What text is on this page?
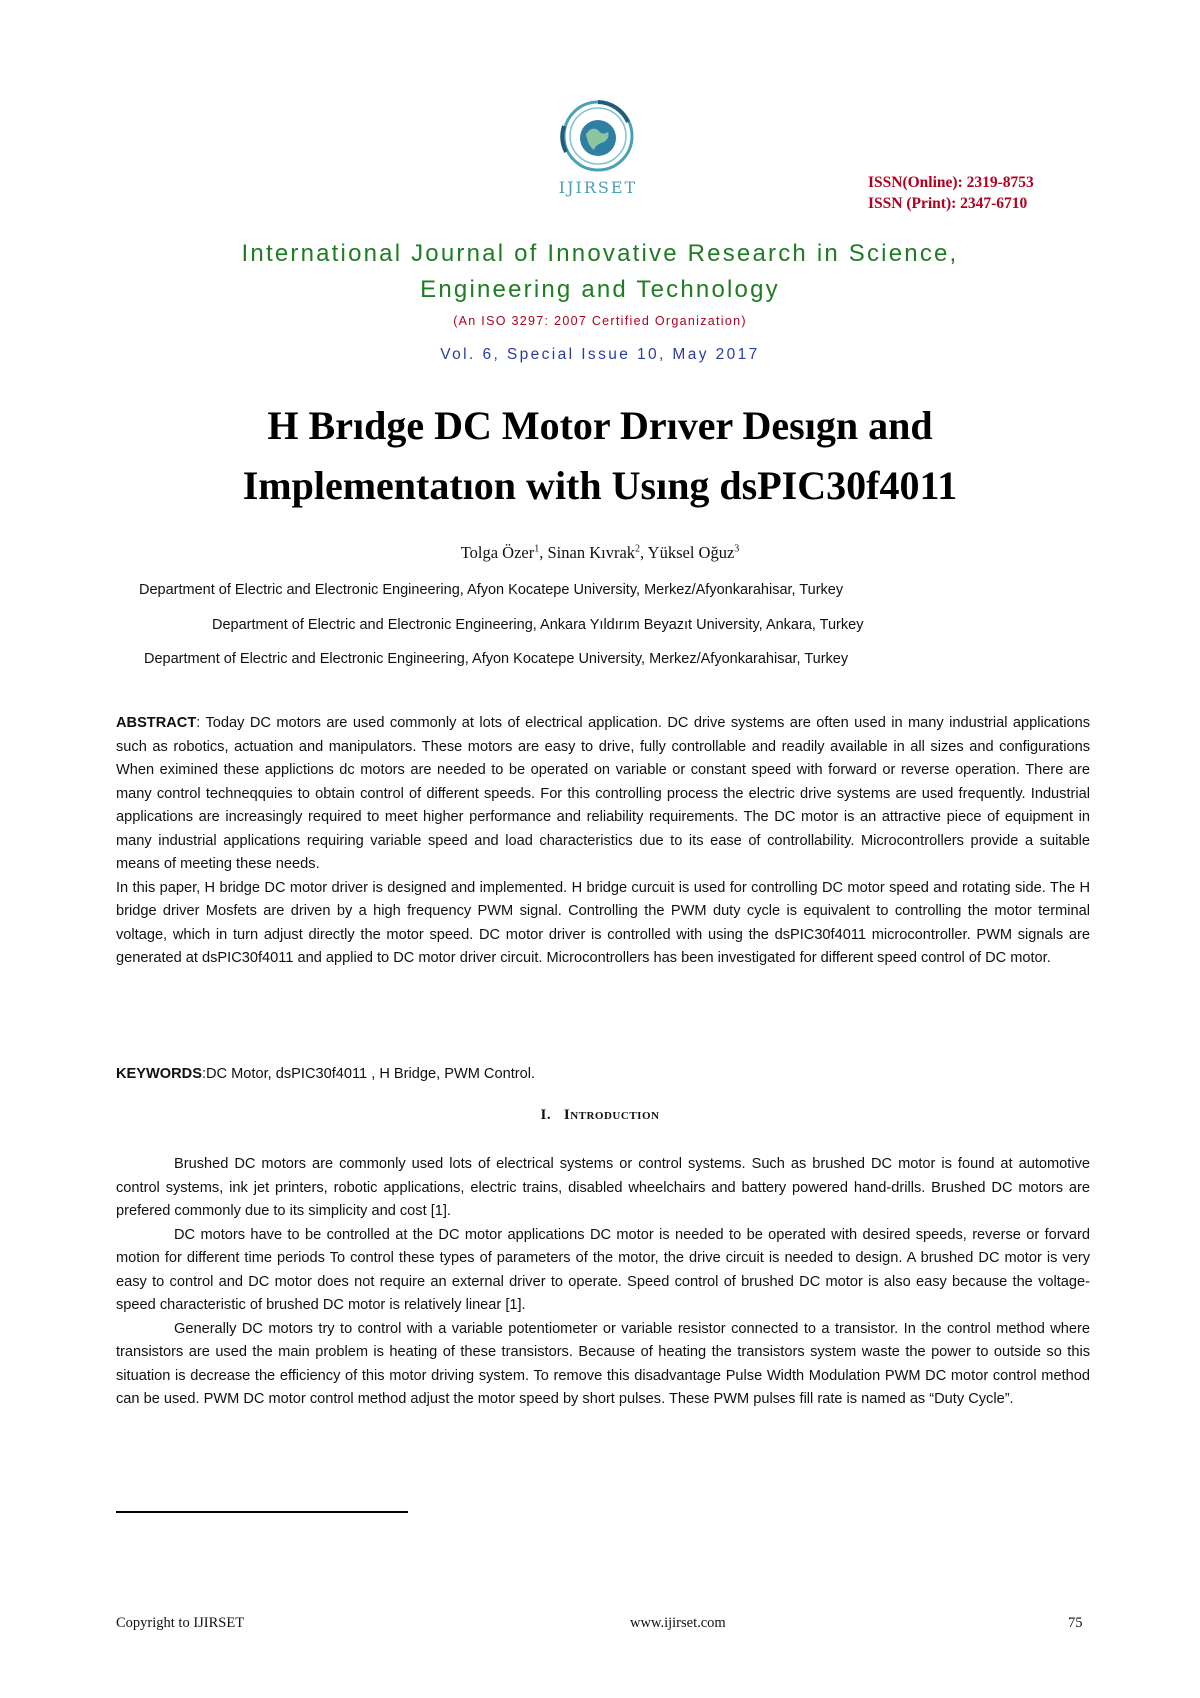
IJIRSET	ISSN(Online): 2319-8753
ISSN (Print): 2347-6710
International Journal of Innovative Research in Science,
Engineering and Technology
(An ISO 3297: 2007 Certified Organization)
Vol. 6, Special Issue 10, May 2017
H Brıdge DC Motor Drıver Desıgn and
Implementatıon with Usıng dsPIC30f4011
Tolga Özer$^1$, Sinan Kıvrak$^2$, Yüksel Oğuz$^3$
Department of Electric and Electronic Engineering, Afyon Kocatepe University, Merkez/Afyonkarahisar, Turkey
Department of Electric and Electronic Engineering, Ankara Yıldırım Beyazıt University, Ankara, Turkey
Department of Electric and Electronic Engineering, Afyon Kocatepe University, Merkez/Afyonkarahisar, Turkey

ABSTRACT: Today DC motors are used commonly at lots of electrical application. DC drive systems are often used in many industrial applications such as robotics, actuation and manipulators. These motors are easy to drive, fully controllable and readily available in all sizes and configurations When eximined these applictions dc motors are needed to be operated on variable or constant speed with forward or reverse operation. There are many control techneqquies to obtain control of different speeds. For this controlling process the electric drive systems are used frequently. Industrial applications are increasingly required to meet higher performance and reliability requirements. The DC motor is an attractive piece of equipment in many industrial applications requiring variable speed and load characteristics due to its ease of controllability. Microcontrollers provide a suitable means of meeting these needs.

In this paper, H bridge DC motor driver is designed and implemented. H bridge curcuit is used for controlling DC motor speed and rotating side. The H bridge driver Mosfets are driven by a high frequency PWM signal. Controlling the PWM duty cycle is equivalent to controlling the motor terminal voltage, which in turn adjust directly the motor speed. DC motor driver is controlled with using the dsPIC30f4011 microcontroller. PWM signals are generated at dsPIC30f4011 and applied to DC motor driver circuit. Microcontrollers has been investigated for different speed control of DC motor.

KEYWORDS:DC Motor, dsPIC30f4011 , H Bridge, PWM Control.
I. Introduction

Brushed DC motors are commonly used lots of electrical systems or control systems. Such as brushed DC motor is found at automotive control systems, ink jet printers, robotic applications, electric trains, disabled wheelchairs and battery powered hand-drills. Brushed DC motors are prefered commonly due to its simplicity and cost [1].

DC motors have to be controlled at the DC motor applications DC motor is needed to be operated with desired speeds, reverse or forvard motion for different time periods To control these types of parameters of the motor, the drive circuit is needed to design. A brushed DC motor is very easy to control and DC motor does not require an external driver to operate. Speed control of brushed DC motor is also easy because the voltage-speed characteristic of brushed DC motor is relatively linear [1].

Generally DC motors try to control with a variable potentiometer or variable resistor connected to a transistor. In the control method where transistors are used the main problem is heating of these transistors. Because of heating the transistors system waste the power to outside so this situation is decrease the efficiency of this motor driving system. To remove this disadvantage Pulse Width Modulation PWM DC motor control method can be used. PWM DC motor control method adjust the motor speed by short pulses. These PWM pulses fill rate is named as “Duty Cycle”.

Copyright to IJIRSET	www.ijirset.com	75
